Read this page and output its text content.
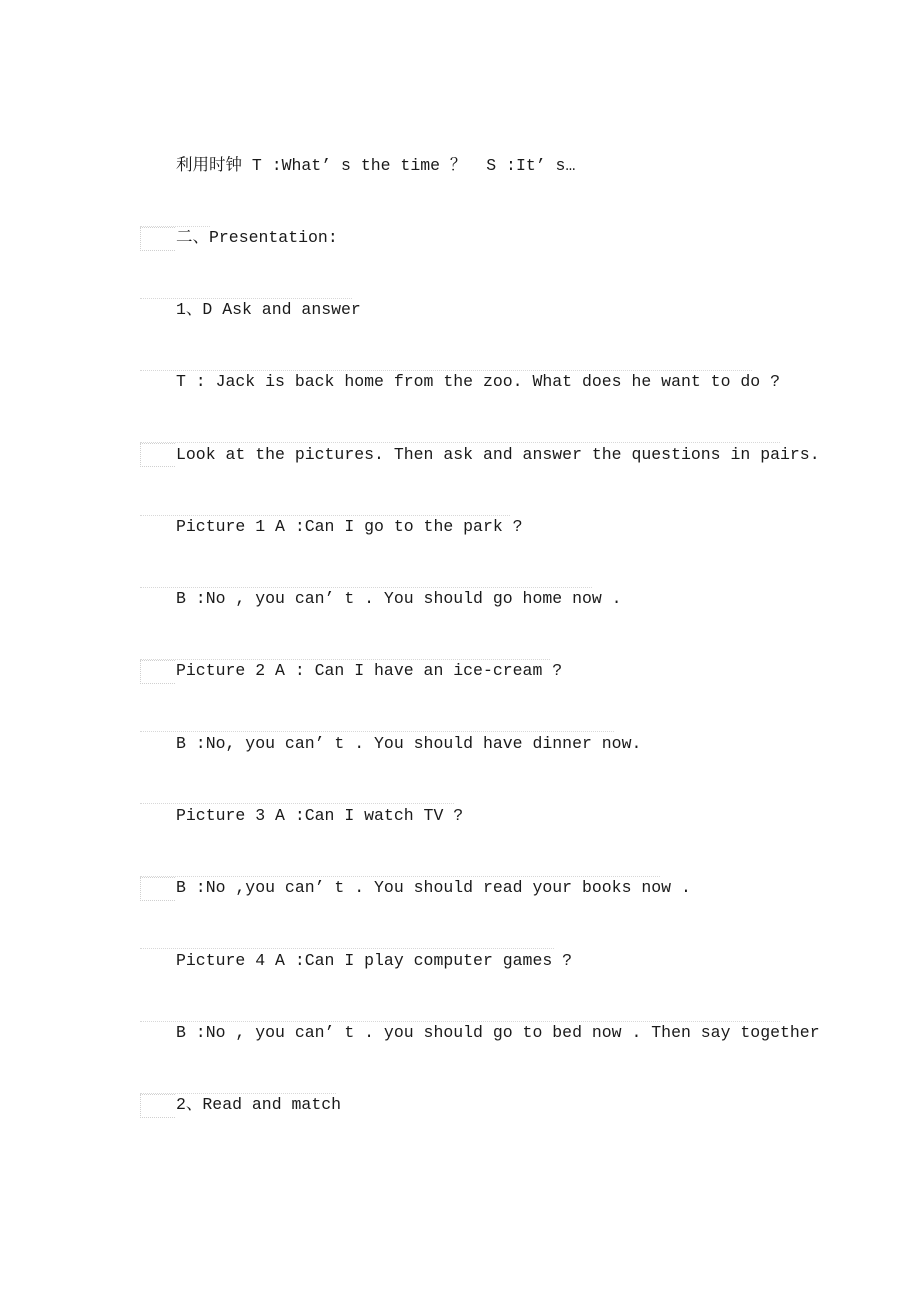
利用时钟 T :What’ s the time ？  S :It’ s…
二、Presentation:
1、D Ask and answer
T : Jack is back home from the zoo. What does he want to do ?
Look at the pictures. Then ask and answer the questions in pairs.
Picture 1 A :Can I go to the park ?
B :No , you can’ t . You should go home now .
Picture 2 A : Can I have an ice-cream ?
B :No, you can’ t . You should have dinner now.
Picture 3 A :Can I watch TV ?
B :No ,you can’ t . You should read your books now .
Picture 4 A :Can I play computer games ?
B :No , you can’ t . you should go to bed now . Then say together
2、Read and match
